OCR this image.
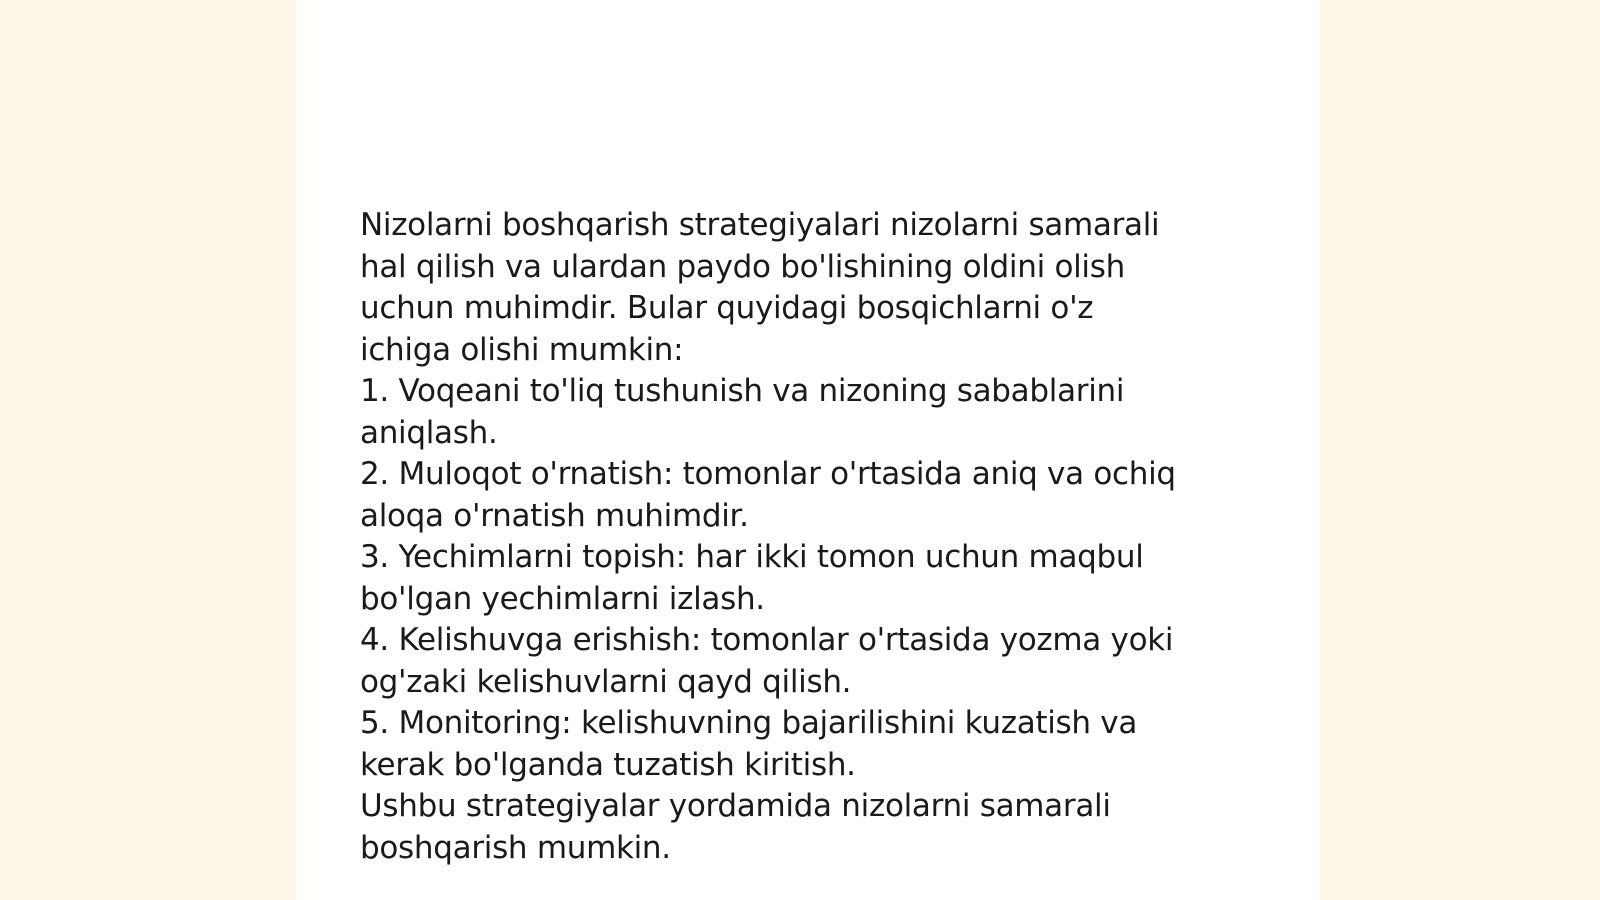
Nizolarni boshqarish strategiyalari nizolarni samarali
hal qilish va ulardan paydo bo'lishining oldini olish
uchun muhimdir. Bular quyidagi bosqichlarni o'z
ichiga olishi mumkin:
1. Voqeani to'liq tushunish va nizoning sabablarini
aniqlash.
2. Muloqot o'rnatish: tomonlar o'rtasida aniq va ochiq
aloqa o'rnatish muhimdir.
3. Yechimlarni topish: har ikki tomon uchun maqbul
bo'lgan yechimlarni izlash.
4. Kelishuvga erishish: tomonlar o'rtasida yozma yoki
og'zaki kelishuvlarni qayd qilish.
5. Monitoring: kelishuvning bajarilishini kuzatish va
kerak bo'lganda tuzatish kiritish.
Ushbu strategiyalar yordamida nizolarni samarali
boshqarish mumkin.
